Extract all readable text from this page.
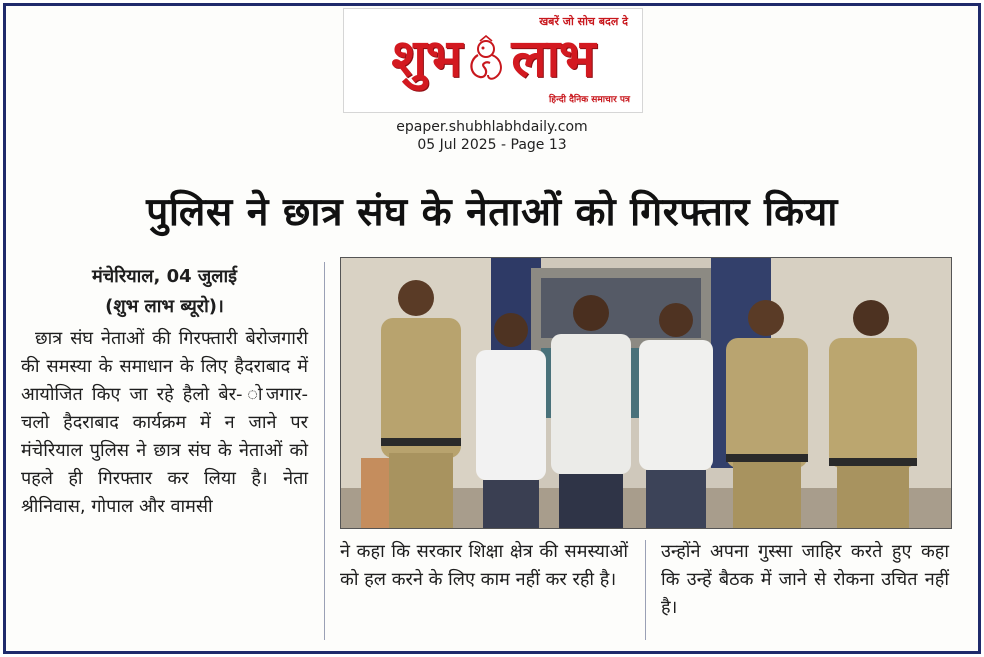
खबरें जो सोच बदल दे
शुभ लाभ
हिन्दी दैनिक समाचार पत्र
epaper.shubhlabhdaily.com
05 Jul 2025 - Page 13
पुलिस ने छात्र संघ के नेताओं को गिरफ्तार किया
मंचेरियाल, 04 जुलाई
(शुभ लाभ ब्यूरो)।
छात्र संघ नेताओं की गिरफ्तारी बेरोजगारी की समस्या के समाधान के लिए हैदराबाद में आयोजित किए जा रहे हैलो बेर- ोजगार-चलो हैदराबाद कार्यक्रम में न जाने पर मंचेरियाल पुलिस ने छात्र संघ के नेताओं को पहले ही गिरफ्तार कर लिया है। नेता श्रीनिवास, गोपाल और वामसी
ने कहा कि सरकार शिक्षा क्षेत्र की समस्याओं को हल करने के लिए काम नहीं कर रही है।
उन्होंने अपना गुस्सा जाहिर करते हुए कहा कि उन्हें बैठक में जाने से रोकना उचित नहीं है।
